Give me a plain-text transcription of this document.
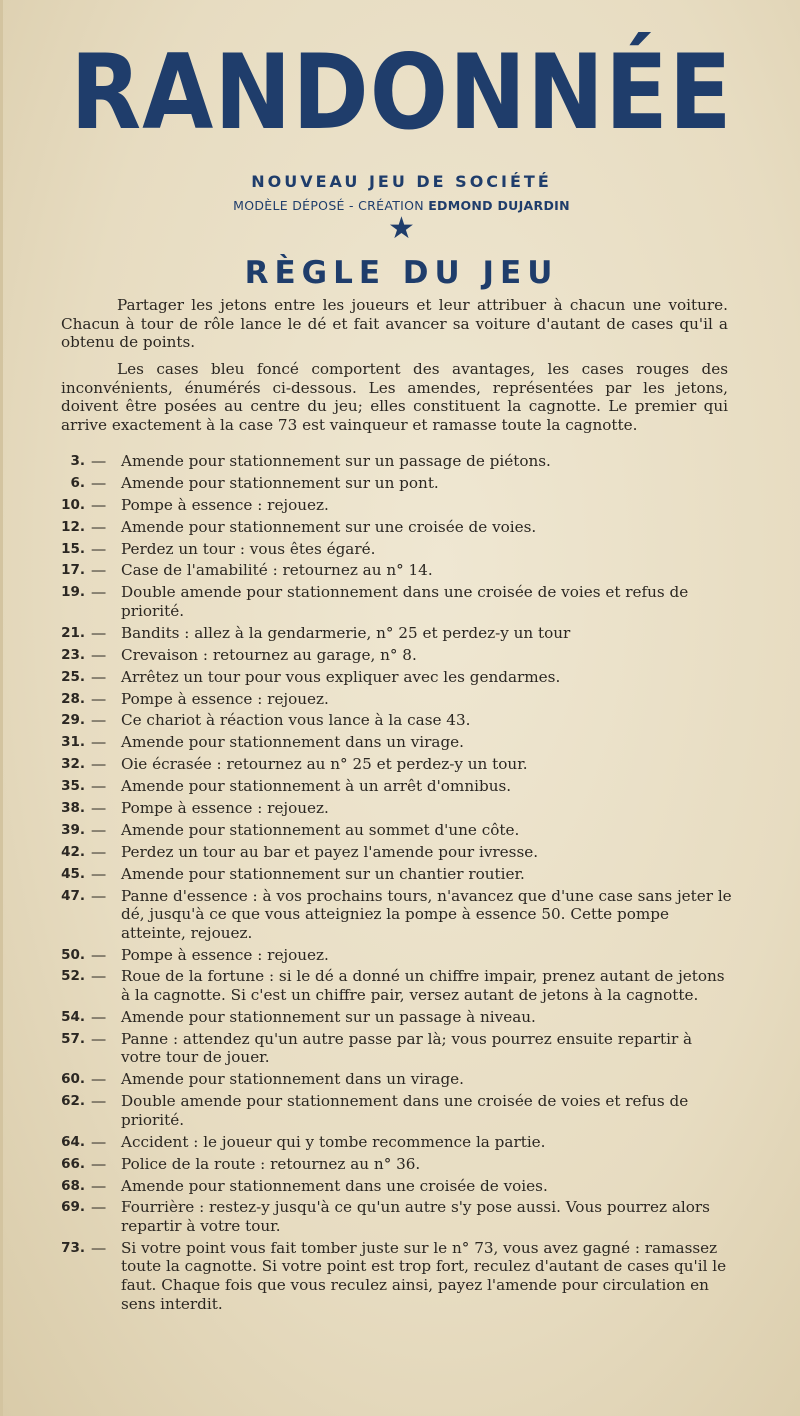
RANDONNÉE
NOUVEAU JEU DE SOCIÉTÉ
MODÈLE DÉPOSÉ - CRÉATION EDMOND DUJARDIN
★
RÈGLE DU JEU

Partager les jetons entre les joueurs et leur attribuer à chacun une voiture. Chacun à tour de rôle lance le dé et fait avancer sa voiture d'autant de cases qu'il a obtenu de points.

Les cases bleu foncé comportent des avantages, les cases rouges des inconvénients, énumérés ci-dessous. Les amendes, représentées par les jetons, doivent être posées au centre du jeu; elles constituent la cagnotte. Le premier qui arrive exactement à la case 73 est vainqueur et ramasse toute la cagnotte.

3. — Amende pour stationnement sur un passage de piétons.
6. — Amende pour stationnement sur un pont.
10. — Pompe à essence : rejouez.
12. — Amende pour stationnement sur une croisée de voies.
15. — Perdez un tour : vous êtes égaré.
17. — Case de l'amabilité : retournez au n° 14.
19. — Double amende pour stationnement dans une croisée de voies et refus de priorité.
21. — Bandits : allez à la gendarmerie, n° 25 et perdez-y un tour
23. — Crevaison : retournez au garage, n° 8.
25. — Arrêtez un tour pour vous expliquer avec les gendarmes.
28. — Pompe à essence : rejouez.
29. — Ce chariot à réaction vous lance à la case 43.
31. — Amende pour stationnement dans un virage.
32. — Oie écrasée : retournez au n° 25 et perdez-y un tour.
35. — Amende pour stationnement à un arrêt d'omnibus.
38. — Pompe à essence : rejouez.
39. — Amende pour stationnement au sommet d'une côte.
42. — Perdez un tour au bar et payez l'amende pour ivresse.
45. — Amende pour stationnement sur un chantier routier.
47. — Panne d'essence : à vos prochains tours, n'avancez que d'une case sans jeter le dé, jusqu'à ce que vous atteigniez la pompe à essence 50. Cette pompe atteinte, rejouez.
50. — Pompe à essence : rejouez.
52. — Roue de la fortune : si le dé a donné un chiffre impair, prenez autant de jetons à la cagnotte. Si c'est un chiffre pair, versez autant de jetons à la cagnotte.
54. — Amende pour stationnement sur un passage à niveau.
57. — Panne : attendez qu'un autre passe par là; vous pourrez ensuite repartir à votre tour de jouer.
60. — Amende pour stationnement dans un virage.
62. — Double amende pour stationnement dans une croisée de voies et refus de priorité.
64. — Accident : le joueur qui y tombe recommence la partie.
66. — Police de la route : retournez au n° 36.
68. — Amende pour stationnement dans une croisée de voies.
69. — Fourrière : restez-y jusqu'à ce qu'un autre s'y pose aussi. Vous pourrez alors repartir à votre tour.
73. — Si votre point vous fait tomber juste sur le n° 73, vous avez gagné : ramassez toute la cagnotte. Si votre point est trop fort, reculez d'autant de cases qu'il le faut. Chaque fois que vous reculez ainsi, payez l'amende pour circulation en sens interdit.
